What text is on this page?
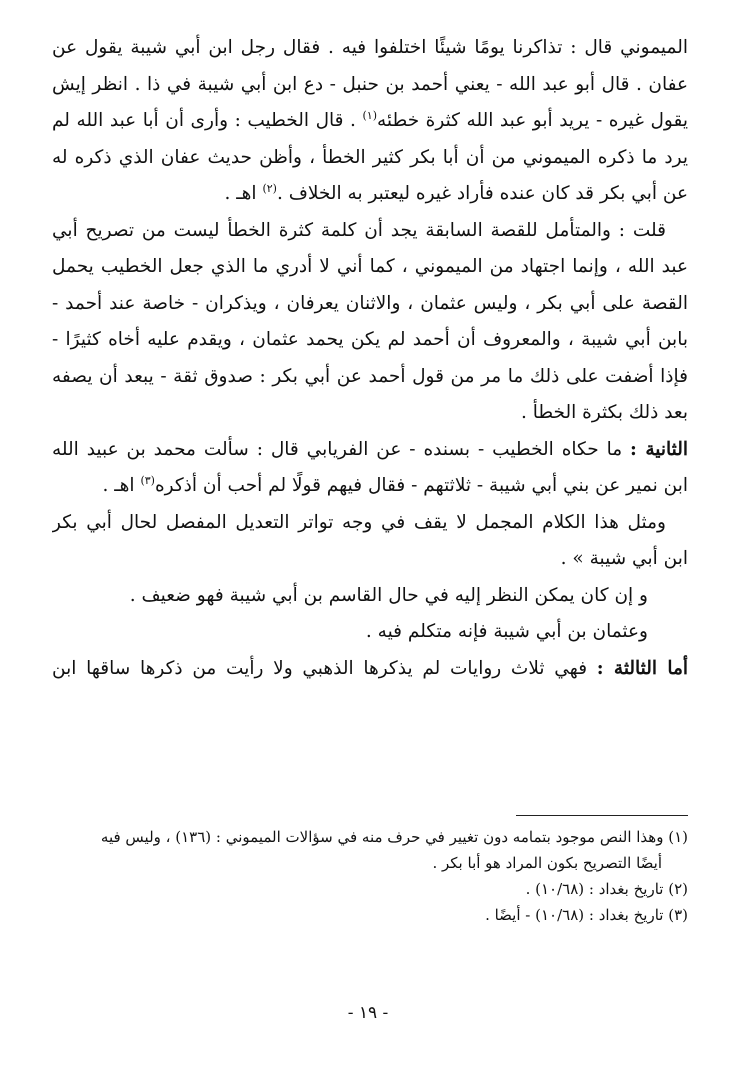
الميموني قال : تذاكرنا يومًا شيئًا اختلفوا فيه . فقال رجل ابن أبي شيبة يقول عن
عفان . قال أبو عبد الله - يعني أحمد بن حنبل - دع ابن أبي شيبة في ذا . انظر إيش
يقول غيره - يريد أبو عبد الله كثرة خطئه$^{(١)}$ . قال الخطيب : وأرى أن أبا عبد الله لم
يرد ما ذكره الميموني من أن أبا بكر كثير الخطأ ، وأظن حديث عفان الذي ذكره له
عن أبي بكر قد كان عنده فأراد غيره ليعتبر به الخلاف .$^{(٢)}$ اهـ .
قلت : والمتأمل للقصة السابقة يجد أن كلمة كثرة الخطأ ليست من تصريح أبي
عبد الله ، وإنما اجتهاد من الميموني ، كما أني لا أدري ما الذي جعل الخطيب يحمل
القصة على أبي بكر ، وليس عثمان ، والاثنان يعرفان ، ويذكران - خاصة عند أحمد -
بابن أبي شيبة ، والمعروف أن أحمد لم يكن يحمد عثمان ، ويقدم عليه أخاه كثيرًا -
فإذا أضفت على ذلك ما مر من قول أحمد عن أبي بكر : صدوق ثقة - يبعد أن يصفه
بعد ذلك بكثرة الخطأ .
الثانية : ما حكاه الخطيب - بسنده - عن الفريابي قال : سألت محمد بن عبيد الله
ابن نمير عن بني أبي شيبة - ثلاثتهم - فقال فيهم قولًا لم أحب أن أذكره$^{(٣)}$ اهـ .
ومثل هذا الكلام المجمل لا يقف في وجه تواتر التعديل المفصل لحال أبي بكر
ابن أبي شيبة » .
و إن كان يمكن النظر إليه في حال القاسم بن أبي شيبة فهو ضعيف .
وعثمان بن أبي شيبة فإنه متكلم فيه .
أما الثالثة : فهي ثلاث روايات لم يذكرها الذهبي ولا رأيت من ذكرها ساقها ابن
(١) وهذا النص موجود بتمامه دون تغيير في حرف منه في سؤالات الميموني : (١٣٦) ، وليس فيه
أيضًا التصريح بكون المراد هو أبا بكر .
(٢) تاريخ بغداد : (١٠/٦٨) .
(٣) تاريخ بغداد : (١٠/٦٨) - أيضًا .
- ١٩ -
